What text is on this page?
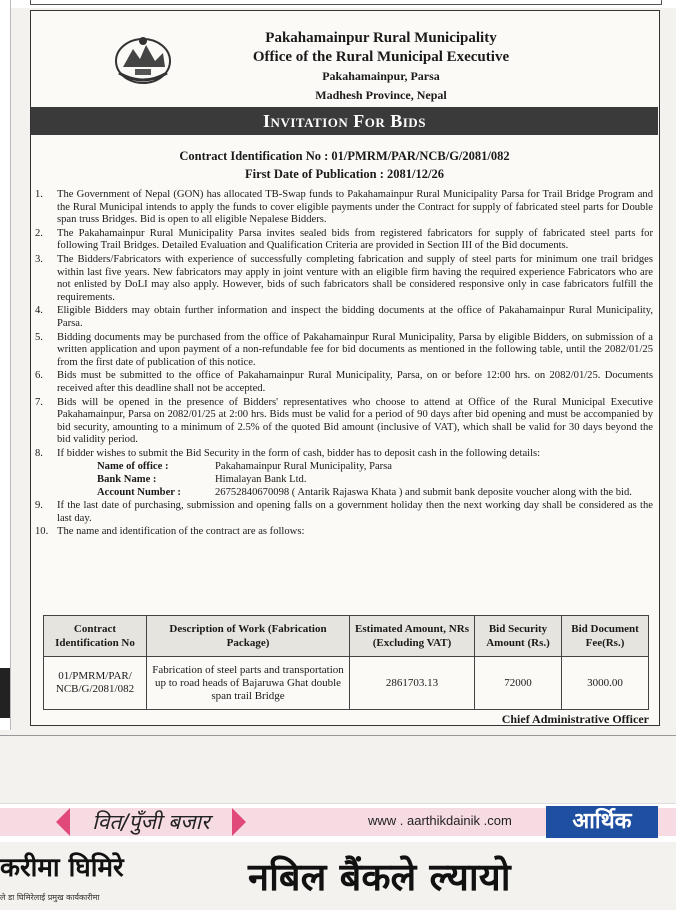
Pakahamainpur Rural Municipality
Office of the Rural Municipal Executive
Pakahamainpur, Parsa
Madhesh Province, Nepal
Invitation For Bids
Contract Identification No : 01/PMRM/PAR/NCB/G/2081/082
First Date of Publication : 2081/12/26
1.	The Government of Nepal (GON) has allocated TB-Swap funds to Pakahamainpur Rural Municipality Parsa for Trail Bridge Program and the Rural Municipal intends to apply the funds to cover eligible payments under the Contract for supply of fabricated steel parts for Double span truss Bridges. Bid is open to all eligible Nepalese Bidders.
2.	The Pakahamainpur Rural Municipality Parsa invites sealed bids from registered fabricators for supply of fabricated steel parts for following Trail Bridges. Detailed Evaluation and Qualification Criteria are provided in Section III of the Bid documents.
3.	The Bidders/Fabricators with experience of successfully completing fabrication and supply of steel parts for minimum one trail bridges within last five years. New fabricators may apply in joint venture with an eligible firm having the required experience Fabricators who are not enlisted by DoLI may also apply. However, bids of such fabricators shall be considered responsive only in case fabricators fulfill the requirements.
4.	Eligible Bidders may obtain further information and inspect the bidding documents at the office of Pakahamainpur Rural Municipality, Parsa.
5.	Bidding documents may be purchased from the office of Pakahamainpur Rural Municipality, Parsa by eligible Bidders, on submission of a written application and upon payment of a non-refundable fee for bid documents as mentioned in the following table, until the 2082/01/25 from the first date of publication of this notice.
6.	Bids must be submitted to the office of Pakahamainpur Rural Municipality, Parsa, on or before 12:00 hrs. on 2082/01/25. Documents received after this deadline shall not be accepted.
7.	Bids will be opened in the presence of Bidders' representatives who choose to attend at Office of the Rural Municipal Executive Pakahamainpur, Parsa on 2082/01/25 at 2:00 hrs. Bids must be valid for a period of 90 days after bid opening and must be accompanied by bid security, amounting to a minimum of 2.5% of the quoted Bid amount (inclusive of VAT), which shall be valid for 30 days beyond the bid validity period.
8.	If bidder wishes to submit the Bid Security in the form of cash, bidder has to deposit cash in the following details:
Name of office :	Pakahamainpur Rural Municipality, Parsa
Bank Name :	Himalayan Bank Ltd.
Account Number :	26752840670098 ( Antarik Rajaswa Khata ) and submit bank deposite voucher along with the bid.
9.	If the last date of purchasing, submission and opening falls on a government holiday then the next working day shall be considered as the last day.
10. The name and identification of the contract are as follows:
Contract Identification No	Description of Work (Fabrication Package)	Estimated Amount, NRs (Excluding VAT)	Bid Security Amount (Rs.)	Bid Document Fee(Rs.)
01/PMRM/PAR/ NCB/G/2081/082	Fabrication of steel parts and transportation up to road heads of Bajaruwa Ghat double span trail Bridge	2861703.13	72000	3000.00
Chief Administrative Officer
वित/पुँजी बजार	www . aarthikdainik .com	आर्थिक
करीमा घिमिरे
ले डा घिमिरेलाई प्रमुख कार्यकारीमा	नबिल बैंकले ल्यायो
